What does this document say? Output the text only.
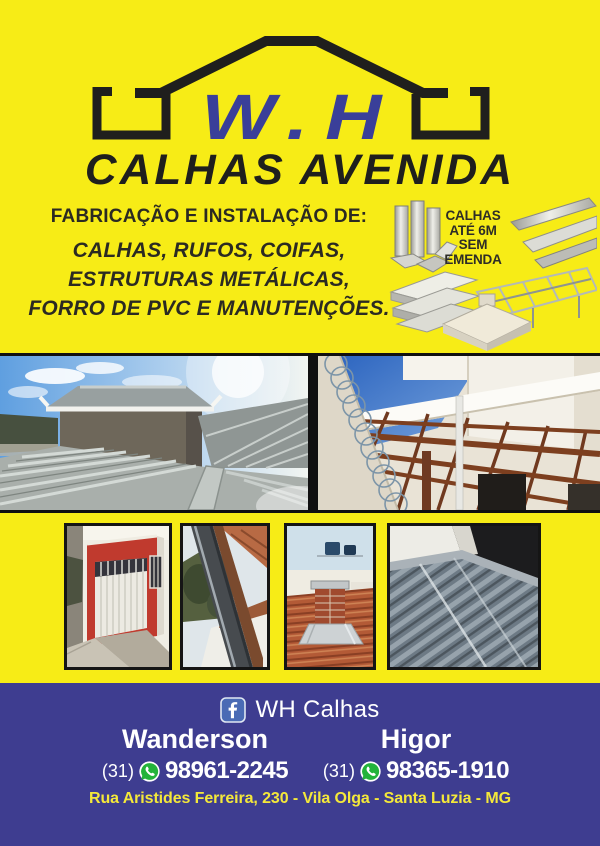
W.H
CALHAS AVENIDA
FABRICAÇÃO E INSTALAÇÃO DE:
CALHAS, RUFOS, COIFAS,
ESTRUTURAS METÁLICAS,
FORRO DE PVC E MANUTENÇÕES.
CALHAS
ATÉ 6M
SEM
EMENDA
WH Calhas
Wanderson
(31) 98961-2245
Higor
(31) 98365-1910
Rua Aristides Ferreira, 230 - Vila Olga - Santa Luzia - MG
